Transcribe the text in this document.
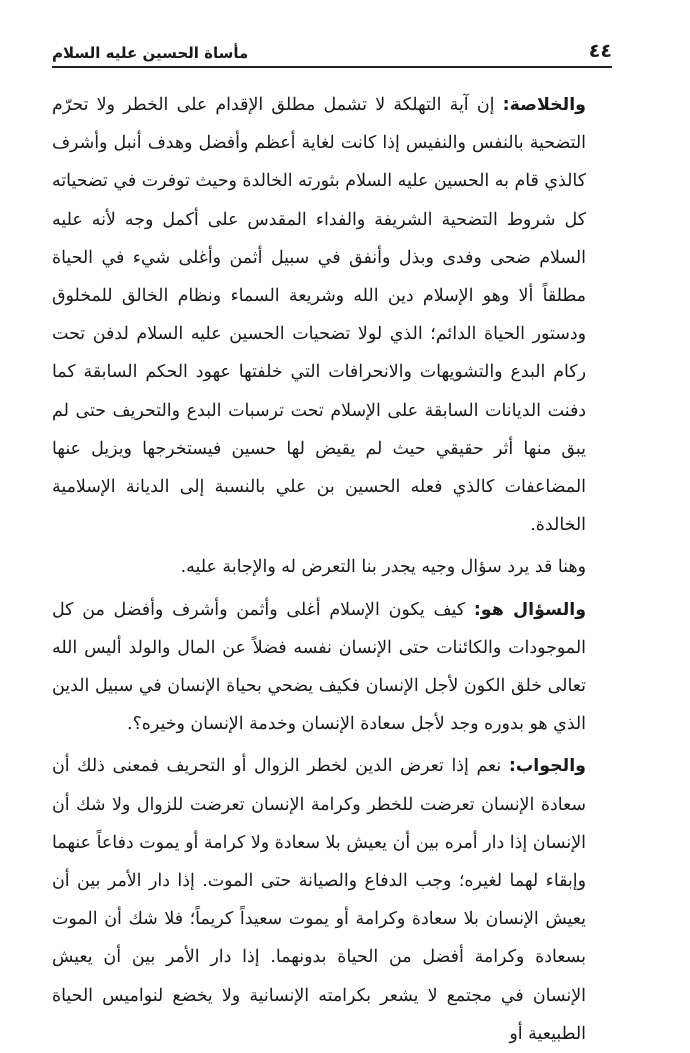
٤٤
مأساة الحسين عليه السلام

والخلاصة: إن آية التهلكة لا تشمل مطلق الإقدام على الخطر ولا تحرّم التضحية بالنفس والنفيس إذا كانت لغاية أعظم وأفضل وهدف أنبل وأشرف كالذي قام به الحسين عليه السلام بثورته الخالدة وحيث توفرت في تضحياته كل شروط التضحية الشريفة والفداء المقدس على أكمل وجه لأنه عليه السلام ضحى وفدى وبذل وأنفق في سبيل أثمن وأغلى شيء في الحياة مطلقاً ألا وهو الإسلام دين الله وشريعة السماء ونظام الخالق للمخلوق ودستور الحياة الدائم؛ الذي لولا تضحيات الحسين عليه السلام لدفن تحت ركام البدع والتشويهات والانحرافات التي خلفتها عهود الحكم السابقة كما دفنت الديانات السابقة على الإسلام تحت ترسبات البدع والتحريف حتى لم يبق منها أثر حقيقي حيث لم يقيض لها حسين فيستخرجها ويزيل عنها المضاعفات كالذي فعله الحسين بن علي بالنسبة إلى الديانة الإسلامية الخالدة.

وهنا قد يرد سؤال وجيه يجدر بنا التعرض له والإجابة عليه.

والسؤال هو: كيف يكون الإسلام أغلى وأثمن وأشرف وأفضل من كل الموجودات والكائنات حتى الإنسان نفسه فضلاً عن المال والولد أليس الله تعالى خلق الكون لأجل الإنسان فكيف يضحي بحياة الإنسان في سبيل الدين الذي هو بدوره وجد لأجل سعادة الإنسان وخدمة الإنسان وخيره؟.

والجواب: نعم إذا تعرض الدين لخطر الزوال أو التحريف فمعنى ذلك أن سعادة الإنسان تعرضت للخطر وكرامة الإنسان تعرضت للزوال ولا شك أن الإنسان إذا دار أمره بين أن يعيش بلا سعادة ولا كرامة أو يموت دفاعاً عنهما وإبقاء لهما لغيره؛ وجب الدفاع والصيانة حتى الموت. إذا دار الأمر بين أن يعيش الإنسان بلا سعادة وكرامة أو يموت سعيداً كريماً؛ فلا شك أن الموت بسعادة وكرامة أفضل من الحياة بدونهما. إذا دار الأمر بين أن يعيش الإنسان في مجتمع لا يشعر بكرامته الإنسانية ولا يخضع لنواميس الحياة الطبيعية أو
